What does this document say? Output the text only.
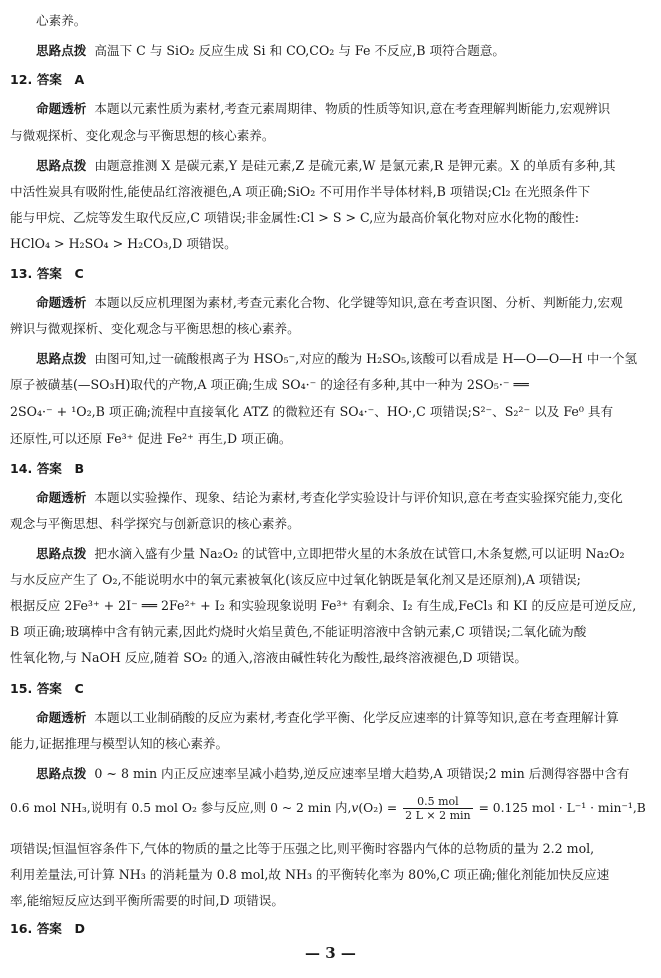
心素养。
思路点拨 高温下 C 与 SiO₂ 反应生成 Si 和 CO,CO₂ 与 Fe 不反应,B 项符合题意。
12. 答案　A
命题透析 本题以元素性质为素材,考查元素周期律、物质的性质等知识,意在考查理解判断能力,宏观辨识
与微观探析、变化观念与平衡思想的核心素养。
思路点拨 由题意推测 X 是碳元素,Y 是硅元素,Z 是硫元素,W 是氯元素,R 是钾元素。X 的单质有多种,其
中活性炭具有吸附性,能使品红溶液褪色,A 项正确;SiO₂ 不可用作半导体材料,B 项错误;Cl₂ 在光照条件下
能与甲烷、乙烷等发生取代反应,C 项错误;非金属性:Cl > S > C,应为最高价氧化物对应水化物的酸性:
HClO₄ > H₂SO₄ > H₂CO₃,D 项错误。
13. 答案　C
命题透析 本题以反应机理图为素材,考查元素化合物、化学键等知识,意在考查识图、分析、判断能力,宏观
辨识与微观探析、变化观念与平衡思想的核心素养。
思路点拨 由图可知,过一硫酸根离子为 HSO₅⁻,对应的酸为 H₂SO₅,该酸可以看成是 H—O—O—H 中一个氢
原子被磺基(—SO₃H)取代的产物,A 项正确;生成 SO₄·⁻ 的途径有多种,其中一种为 2SO₅·⁻ ══
2SO₄·⁻ + ¹O₂,B 项正确;流程中直接氧化 ATZ 的微粒还有 SO₄·⁻、HO·,C 项错误;S²⁻、S₂²⁻ 以及 Fe⁰ 具有
还原性,可以还原 Fe³⁺ 促进 Fe²⁺ 再生,D 项正确。
14. 答案　B
命题透析 本题以实验操作、现象、结论为素材,考查化学实验设计与评价知识,意在考查实验探究能力,变化
观念与平衡思想、科学探究与创新意识的核心素养。
思路点拨 把水滴入盛有少量 Na₂O₂ 的试管中,立即把带火星的木条放在试管口,木条复燃,可以证明 Na₂O₂
与水反应产生了 O₂,不能说明水中的氧元素被氧化(该反应中过氧化钠既是氧化剂又是还原剂),A 项错误;
根据反应 2Fe³⁺ + 2I⁻ ══ 2Fe²⁺ + I₂ 和实验现象说明 Fe³⁺ 有剩余、I₂ 有生成,FeCl₃ 和 KI 的反应是可逆反应,
B 项正确;玻璃棒中含有钠元素,因此灼烧时火焰呈黄色,不能证明溶液中含钠元素,C 项错误;二氧化硫为酸
性氧化物,与 NaOH 反应,随着 SO₂ 的通入,溶液由碱性转化为酸性,最终溶液褪色,D 项错误。
15. 答案　C
命题透析 本题以工业制硝酸的反应为素材,考查化学平衡、化学反应速率的计算等知识,意在考查理解计算
能力,证据推理与模型认知的核心素养。
思路点拨 0 ~ 8 min 内正反应速率呈减小趋势,逆反应速率呈增大趋势,A 项错误;2 min 后测得容器中含有
0.6 mol NH₃,说明有 0.5 mol O₂ 参与反应,则 0 ~ 2 min 内$,v(O_2) = \frac{\text{0.5 mol}}{2 L \times 2 \min} = 0.125$ mol · L⁻¹ · min⁻¹,B
项错误;恒温恒容条件下,气体的物质的量之比等于压强之比,则平衡时容器内气体的总物质的量为 2.2 mol,
利用差量法,可计算 NH₃ 的消耗量为 0.8 mol,故 NH₃ 的平衡转化率为 80%,C 项正确;催化剂能加快反应速
率,能缩短反应达到平衡所需要的时间,D 项错误。
16. 答案　D
— 3 —
